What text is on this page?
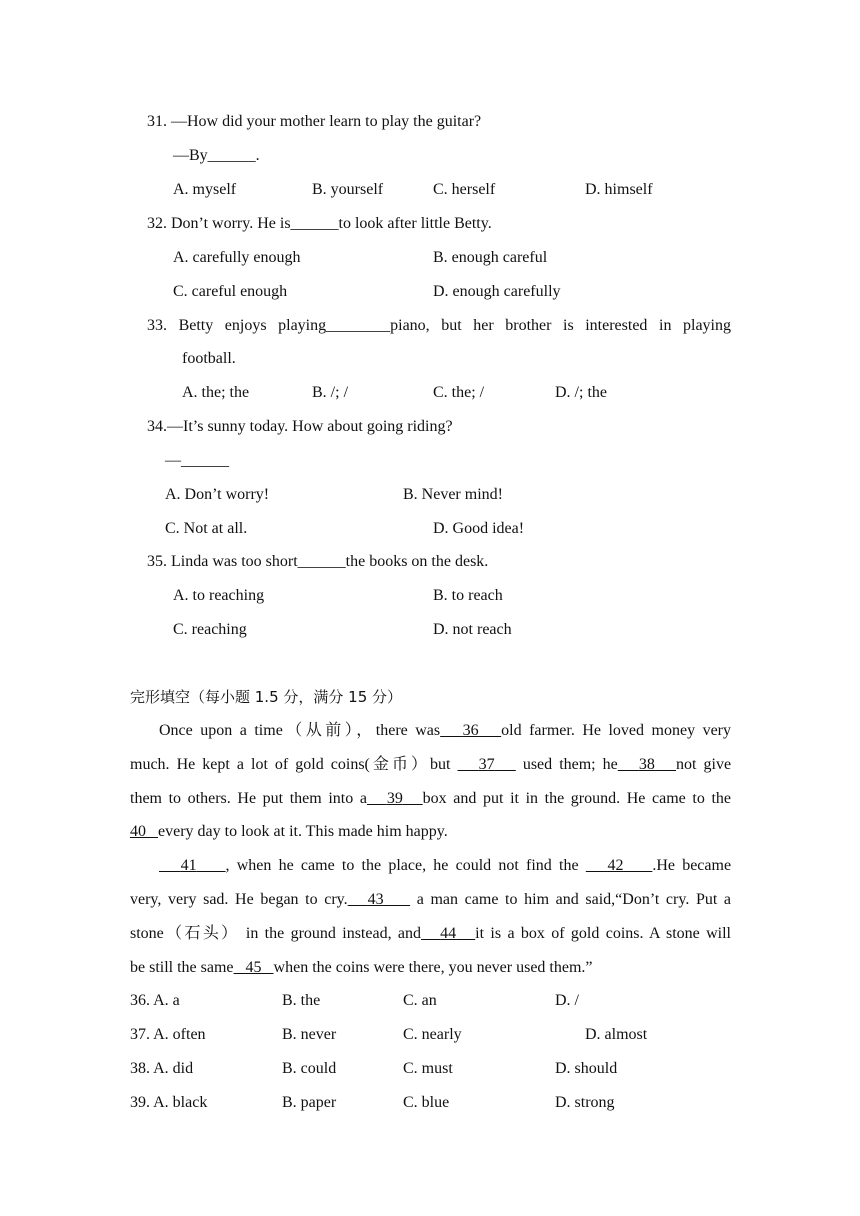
31. —How did your mother learn to play the guitar?
—By______.
A. myself	B. yourself	C. herself	D. himself
32. Don’t worry. He is______to look after little Betty.
A. carefully enough	B. enough careful
C. careful enough	D. enough carefully
33. Betty enjoys playing________piano, but her brother is interested in playing
football.
A. the; the	B. /; /	C. the; /	D. /; the
34.—It’s sunny today. How about going riding?
—______
A. Don’t worry!	B. Never mind!
C. Not at all.	D. Good idea!
35. Linda was too short______the books on the desk.
A. to reaching	B. to reach
C. reaching	D. not reach
完形填空（每小题 1.5 分，满分 15 分）
Once upon a time（从前），there was 36 old farmer. He loved money very
much. He kept a lot of gold coins(金币）but 37 used them; he 38 not give
them to others. He put them into a 39 box and put it in the ground. He came to the
40 every day to look at it. This made him happy.
41 , when he came to the place, he could not find the 42 .He became
very, very sad. He began to cry. 43 a man came to him and said,“Don’t cry. Put a
stone（石头） in the ground instead, and 44 it is a box of gold coins. A stone will
be still the same 45 when the coins were there, you never used them.”
36. A. a	B. the	C. an	D. /
37. A. often	B. never	C. nearly	D. almost
38. A. did	B. could	C. must	D. should
39. A. black	B. paper	C. blue	D. strong
